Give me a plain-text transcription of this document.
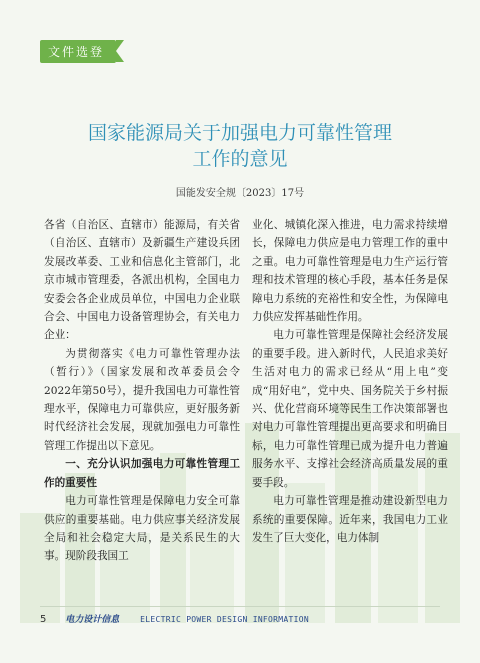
文件选登
国家能源局关于加强电力可靠性管理
工作的意见
国能发安全规〔2023〕17号

各省（自治区、直辖市）能源局，有关省（自治区、直辖市）及新疆生产建设兵团发展改革委、工业和信息化主管部门，北京市城市管理委，各派出机构，全国电力安委会各企业成员单位，中国电力企业联合会、中国电力设备管理协会，有关电力企业：

为贯彻落实《电力可靠性管理办法（暂行）》（国家发展和改革委员会令2022年第50号），提升我国电力可靠性管理水平，保障电力可靠供应，更好服务新时代经济社会发展，现就加强电力可靠性管理工作提出以下意见。

一、充分认识加强电力可靠性管理工作的重要性

电力可靠性管理是保障电力安全可靠供应的重要基础。电力供应事关经济发展全局和社会稳定大局，是关系民生的大事。现阶段我国工

业化、城镇化深入推进，电力需求持续增长，保障电力供应是电力管理工作的重中之重。电力可靠性管理是电力生产运行管理和技术管理的核心手段，基本任务是保障电力系统的充裕性和安全性，为保障电力供应发挥基础性作用。

电力可靠性管理是保障社会经济发展的重要手段。进入新时代，人民追求美好生活对电力的需求已经从“用上电”变成“用好电”，党中央、国务院关于乡村振兴、优化营商环境等民生工作决策部署也对电力可靠性管理提出更高要求和明确目标，电力可靠性管理已成为提升电力普遍服务水平、支撑社会经济高质量发展的重要手段。

电力可靠性管理是推动建设新型电力系统的重要保障。近年来，我国电力工业发生了巨大变化，电力体制

5 电力设计信息	ELECTRIC POWER DESIGN INFORMATION
